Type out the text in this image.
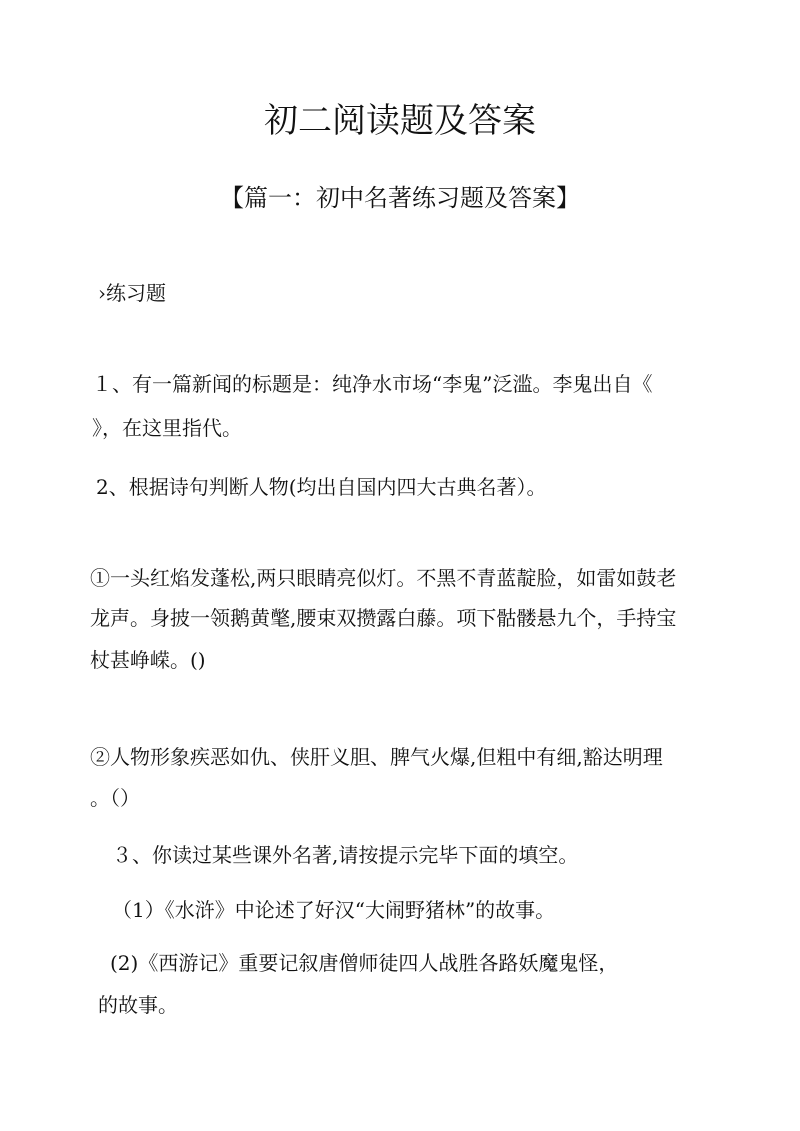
初二阅读题及答案
【篇一：初中名著练习题及答案】
›练习题
１、有一篇新闻的标题是：纯净水市场“李鬼”泛滥。李鬼出自《
》，在这里指代。
2、根据诗句判断人物(均出自国内四大古典名著）。
①一头红焰发蓬松,两只眼睛亮似灯。不黑不青蓝靛脸，如雷如鼓老
龙声。身披一领鹅黄氅,腰束双攒露白藤。项下骷髅悬九个，手持宝
杖甚峥嵘。()
②人物形象疾恶如仇、侠肝义胆、脾气火爆,但粗中有细,豁达明理
。（）
３、你读过某些课外名著,请按提示完毕下面的填空。
（1）《水浒》中论述了好汉“大闹野猪林”的故事。
(2)《西游记》重要记叙唐僧师徒四人战胜各路妖魔鬼怪，
的故事。
